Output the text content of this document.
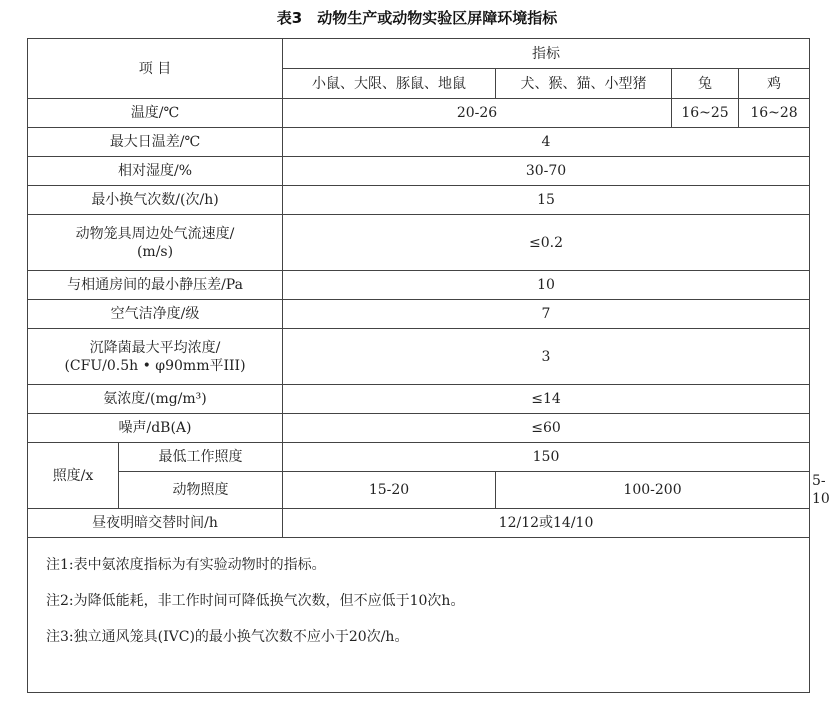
表3　动物生产或动物实验区屏障环境指标
项 目		指标				
		小鼠、大限、豚鼠、地鼠	犬、猴、猫、小型猪	兔	鸡	
温度/℃		20-26		16~25	16~28	
最大日温差/℃		4				
相对湿度/%		30-70				
最小换气次数/(次/h)		15				

动物笼具周边处气流速度/
(m/s)		≤0.2				
与相通房间的最小静压差/Pa		10				
空气洁净度/级		7				

沉降菌最大平均浓度/
(CFU/0.5h • φ90mm平III)		3				
氨浓度/(mg/m³)		≤14				
噪声/dB(A)		≤60				
照度/x	最低工作照度	150				
	动物照度	15-20	100-200			5-10
昼夜明暗交替时间/h		12/12或14/10				

注1:表中氨浓度指标为有实验动物时的指标。
注2:为降低能耗，非工作时间可降低换气次数，但不应低于10次h。
注3:独立通风笼具(IVC)的最小换气次数不应小于20次/h。						
